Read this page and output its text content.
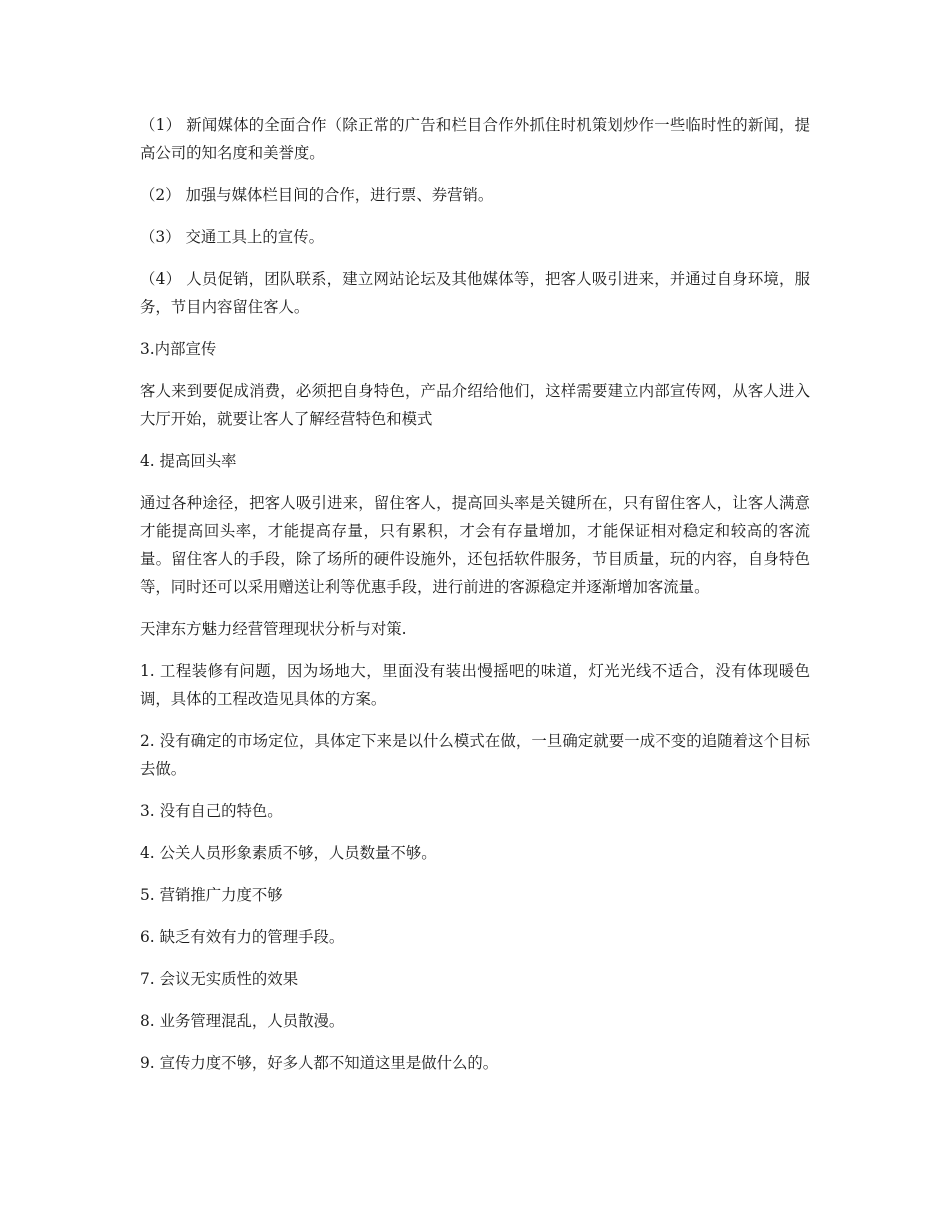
（1） 新闻媒体的全面合作（除正常的广告和栏目合作外抓住时机策划炒作一些临时性的新闻，提高公司的知名度和美誉度。

（2） 加强与媒体栏目间的合作，进行票、券营销。

（3） 交通工具上的宣传。

（4） 人员促销，团队联系，建立网站论坛及其他媒体等，把客人吸引进来，并通过自身环境，服务，节目内容留住客人。

3.内部宣传

客人来到要促成消费，必须把自身特色，产品介绍给他们，这样需要建立内部宣传网，从客人进入大厅开始，就要让客人了解经营特色和模式

4. 提高回头率

通过各种途径，把客人吸引进来，留住客人，提高回头率是关键所在，只有留住客人，让客人满意才能提高回头率，才能提高存量，只有累积，才会有存量增加，才能保证相对稳定和较高的客流量。留住客人的手段，除了场所的硬件设施外，还包括软件服务，节目质量，玩的内容，自身特色等，同时还可以采用赠送让利等优惠手段，进行前进的客源稳定并逐渐增加客流量。

天津东方魅力经营管理现状分析与对策.

1. 工程装修有问题，因为场地大，里面没有装出慢摇吧的味道，灯光光线不适合，没有体现暖色调，具体的工程改造见具体的方案。

2. 没有确定的市场定位，具体定下来是以什么模式在做，一旦确定就要一成不变的追随着这个目标去做。

3. 没有自己的特色。

4. 公关人员形象素质不够，人员数量不够。

5. 营销推广力度不够

6. 缺乏有效有力的管理手段。

7. 会议无实质性的效果

8. 业务管理混乱，人员散漫。

9. 宣传力度不够，好多人都不知道这里是做什么的。
